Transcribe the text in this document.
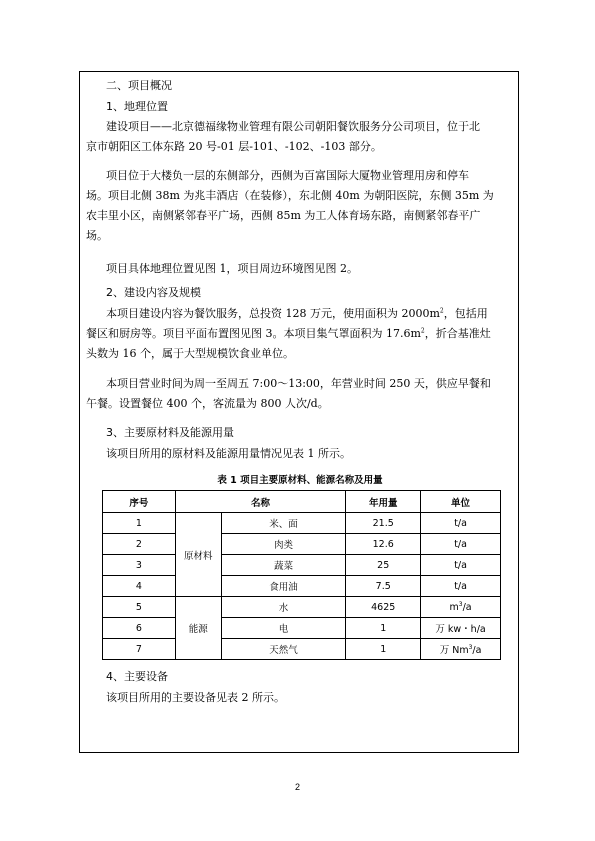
二、项目概况
1、地理位置
建设项目——北京德福缘物业管理有限公司朝阳餐饮服务分公司项目，位于北
京市朝阳区工体东路 20 号-01 层-101、-102、-103 部分。
项目位于大楼负一层的东侧部分，西侧为百富国际大厦物业管理用房和停车
场。项目北侧 38m 为兆丰酒店（在装修），东北侧 40m 为朝阳医院，东侧 35m 为
农丰里小区，南侧紧邻春平广场，西侧 85m 为工人体育场东路，南侧紧邻春平广
场。
项目具体地理位置见图 1，项目周边环境图见图 2。
2、建设内容及规模
本项目建设内容为餐饮服务，总投资 128 万元，使用面积为 $2000m^2$，包括用
餐区和厨房等。项目平面布置图见图 3。本项目集气罩面积为 $17.6m^2$，折合基准灶
头数为 16 个，属于大型规模饮食业单位。
本项目营业时间为周一至周五 7:00～13:00，年营业时间 250 天，供应早餐和
午餐。设置餐位 400 个，客流量为 800 人次/d。
3、主要原材料及能源用量
该项目所用的原材料及能源用量情况见表 1 所示。
表 1 项目主要原材料、能源名称及用量
序号	名称		年用量	单位
1	原材料	米、面	21.5	t/a
2		肉类	12.6	t/a
3		蔬菜	25	t/a
4		食用油	7.5	t/a
5	能源	水	4625	$m^3/a$
6		电	1	万 kw・h/a
7		天然气	1	万 Nm$^3$/a
4、主要设备
该项目所用的主要设备见表 2 所示。
2
